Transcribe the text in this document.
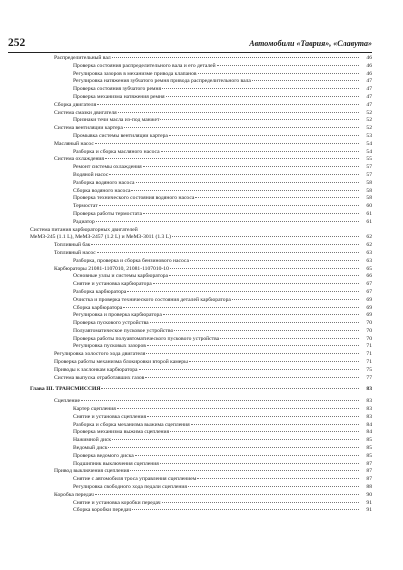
252	Автомобили «Таврия», «Славута»
Распределительный вал	46
Проверка состояния распределительного вала и его деталей	46
Регулировка зазоров в механизме привода клапанов	46
Регулировка натяжения зубчатого ремня привода распределительного вала	47
Проверка состояния зубчатого ремня	47
Проверка механизма натяжения ремня	47
Сборка двигателя	47
Система смазки двигателя	52
Признаки течи масла из-под манжет	52
Система вентиляции картера	52
Промывка системы вентиляции картера	53
Масляный насос	54
Разборка и сборка масляного насоса	54
Система охлаждения	55
Ремонт системы охлаждения	57
Водяной насос	57
Разборка водяного насоса	58
Сборка водяного насоса	58
Проверка технического состояния водяного насоса	58
Термостат	60
Проверка работы термостата	61
Радиатор	61
Система питания карбюраторных двигателей
МеМЗ-245 (1.1 L), МеМЗ-2457 (1.2 L) и МеМЗ-3011 (1.3 L)	62
Топливный бак	62
Топливный насос	63
Разборка, проверка и сборка бензинового насоса	63
Карбюраторы 21081-1107010, 21081-1107010-10	65
Основные узлы и системы карбюратора	66
Снятие и установка карбюратора	67
Разборка карбюратора	67
Очистка и проверка технического состояния деталей карбюратора	69
Сборка карбюратора	69
Регулировка и проверка карбюратора	69
Проверка пускового устройства	70
Полуавтоматическое пусковое устройство	70
Проверка работы полуавтоматического пускового устройства	70
Регулировка пусковых зазоров	71
Регулировка холостого хода двигателя	71
Проверка работы механизма блокировки второй камеры	71
Приводы к заслонкам карбюратора	75
Система выпуска отработавших газов	77
Глава III. ТРАНСМИССИЯ	83
Сцепление	83
Картер сцепления	83
Снятие и установка сцепления	83
Разборка и сборка механизма выжима сцепления	84
Проверка механизма выжима сцепления	84
Нажимной диск	85
Ведомый диск	85
Проверка ведомого диска	85
Подшипник выключения сцепления	87
Привод выключения сцепления	87
Снятие с автомобиля троса управления сцеплением	87
Регулировка свободного хода педали сцепления	88
Коробка передач	90
Снятие и установка коробки передач	91
Сборка коробки передач	91
